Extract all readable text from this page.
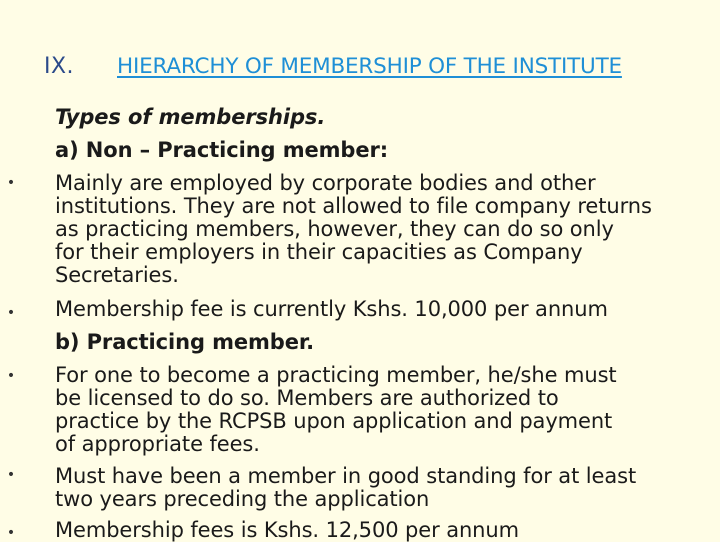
IX. HIERARCHY OF MEMBERSHIP OF THE INSTITUTE
Types of memberships.
a) Non – Practicing member:
• Mainly are employed by corporate bodies and other
institutions. They are not allowed to file company returns
as practicing members, however, they can do so only
for their employers in their capacities as Company
Secretaries.
• Membership fee is currently Kshs. 10,000 per annum
b) Practicing member.
• For one to become a practicing member, he/she must
be licensed to do so. Members are authorized to
practice by the RCPSB upon application and payment
of appropriate fees.
• Must have been a member in good standing for at least
two years preceding the application
• Membership fees is Kshs. 12,500 per annum
